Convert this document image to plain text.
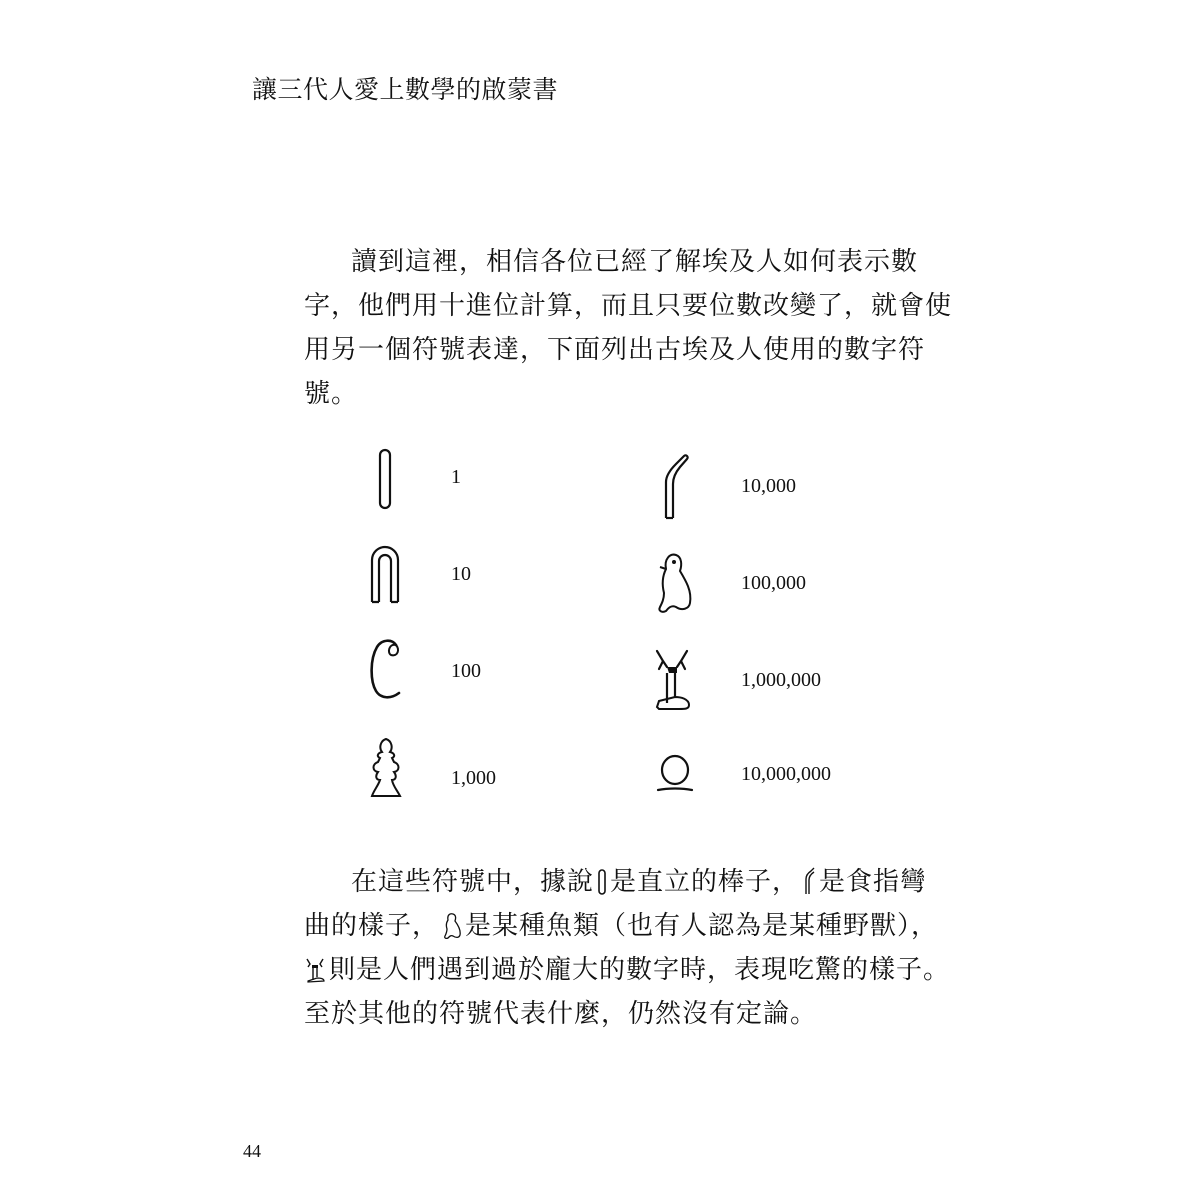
讓三代人愛上數學的啟蒙書

讀到這裡，相信各位已經了解埃及人如何表示數

字，他們用十進位計算，而且只要位數改變了，就會使

用另一個符號表達，下面列出古埃及人使用的數字符

號。

1
10
100
1,000
10,000
100,000
1,000,000
10,000,000

在這些符號中，據說 是直立的棒子， 是食指彎

曲的樣子， 是某種魚類（也有人認為是某種野獸），

則是人們遇到過於龐大的數字時，表現吃驚的樣子。

至於其他的符號代表什麼，仍然沒有定論。

44
